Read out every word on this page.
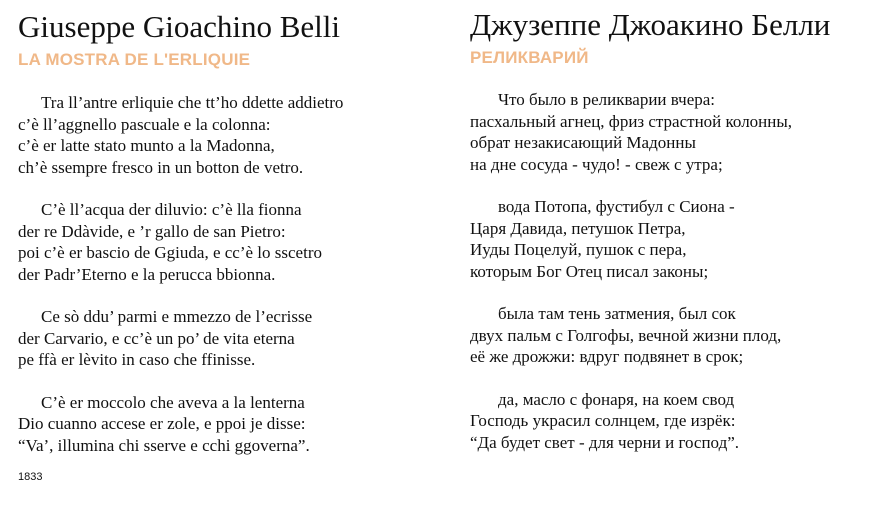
Giuseppe Gioachino Belli
LA MOSTRA DE L'ERLIQUIE

Tra ll’antre erliquie che tt’ho ddette addietro
c’è ll’aggnello pascuale e la colonna:
c’è er latte stato munto a la Madonna,
ch’è ssempre fresco in un botton de vetro.

C’è ll’acqua der diluvio: c’è lla fionna
der re Ddàvide, e ’r gallo de san Pietro:
poi c’è er bascio de Ggiuda, e cc’è lo sscetro
der Padr’Eterno e la perucca bbionna.

Ce sò ddu’ parmi e mmezzo de l’ecrisse
der Carvario, e cc’è un po’ de vita eterna
pe ffà er lèvito in caso che ffinisse.

C’è er moccolo che aveva a la lenterna
Dio cuanno accese er zole, e ppoi je disse:
“Va’, illumina chi sserve e cchi ggoverna”.

Джузеппе Джоакино Белли
РЕЛИКВАРИЙ

Что было в реликварии вчера:
пасхальный агнец, фриз страстной колонны,
обрат незакисающий Мадонны
на дне сосуда - чудо! - свеж с утра;

вода Потопа, фустибул с Сиона -
Царя Давида, петушок Петра,
Иуды Поцелуй, пушок с пера,
которым Бог Отец писал законы;

была там тень затмения, был сок
двух пальм с Голгофы, вечной жизни плод,
её же дрожжи: вдруг подвянет в срок;

да, масло с фонаря, на коем свод
Господь украсил солнцем, где изрёк:
“Да будет свет - для черни и господ”.

1833
